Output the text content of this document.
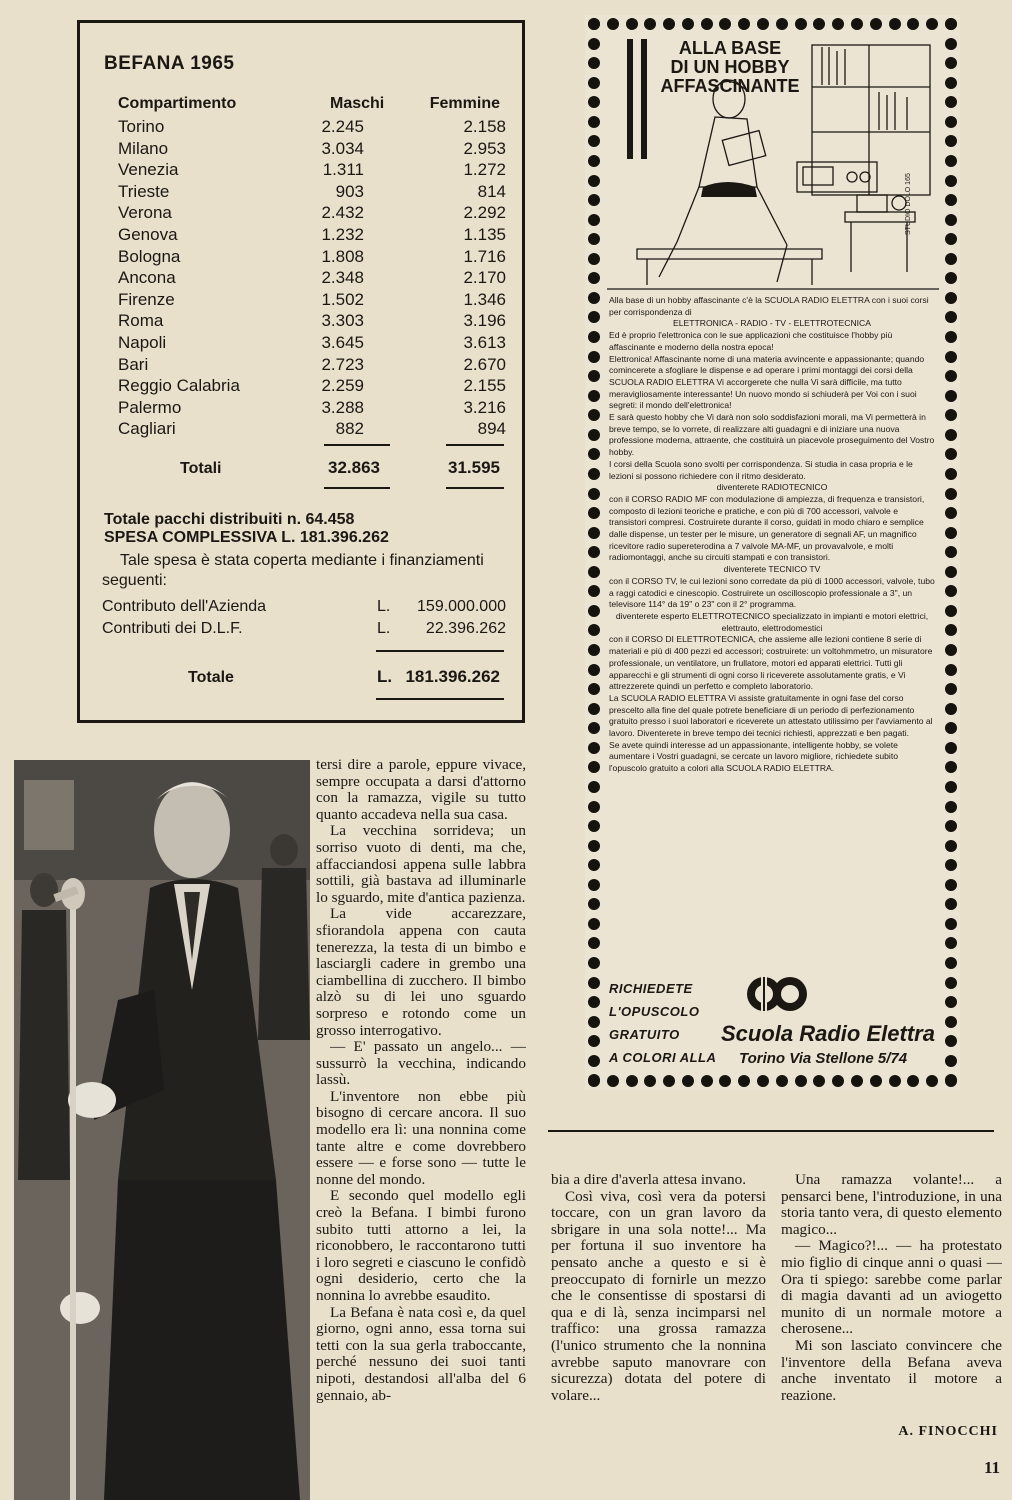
BEFANA 1965
Compartimento	Maschi	Femmine
Torino	2.245	2.158
Milano	3.034	2.953
Venezia	1.311	1.272
Trieste	903	814
Verona	2.432	2.292
Genova	1.232	1.135
Bologna	1.808	1.716
Ancona	2.348	2.170
Firenze	1.502	1.346
Roma	3.303	3.196
Napoli	3.645	3.613
Bari	2.723	2.670
Reggio Calabria	2.259	2.155
Palermo	3.288	3.216
Cagliari	882	894
Totali	32.863	31.595
Totale pacchi distribuiti n. 64.458
SPESA COMPLESSIVA L. 181.396.262
Tale spesa è stata coperta mediante i finanziamenti seguenti:
Contributo dell'Azienda	L. 159.000.000
Contributi dei D.L.F.	L. 22.396.262
Totale	L. 181.396.262
ALLA BASE
DI UN HOBBY
AFFASCINANTE
STUDIO DOLO 165

Alla base di un hobby affascinante c'è la SCUOLA RADIO ELETTRA con i suoi corsi per corrispondenza di

ELETTRONICA - RADIO - TV - ELETTROTECNICA

Ed è proprio l'elettronica con le sue applicazioni che costituisce l'hobby più affascinante e moderno della nostra epoca!

Elettronica! Affascinante nome di una materia avvincente e appassionante; quando comincerete a sfogliare le dispense e ad operare i primi montaggi dei corsi della SCUOLA RADIO ELETTRA Vi accorgerete che nulla Vi sarà difficile, ma tutto meravigliosamente interessante! Un nuovo mondo si schiuderà per Voi con i suoi segreti: il mondo dell'elettronica!

E sarà questo hobby che Vi darà non solo soddisfazioni morali, ma Vi permetterà in breve tempo, se lo vorrete, di realizzare alti guadagni e di iniziare una nuova professione moderna, attraente, che costituirà un piacevole proseguimento del Vostro hobby.

I corsi della Scuola sono svolti per corrispondenza. Si studia in casa propria e le lezioni si possono richiedere con il ritmo desiderato.

diventerete RADIOTECNICO

con il CORSO RADIO MF con modulazione di ampiezza, di frequenza e transistori, composto di lezioni teoriche e pratiche, e con più di 700 accessori, valvole e transistori compresi. Costruirete durante il corso, guidati in modo chiaro e semplice dalle dispense, un tester per le misure, un generatore di segnali AF, un magnifico ricevitore radio supereterodina a 7 valvole MA-MF, un provavalvole, e molti radiomontaggi, anche su circuiti stampati e con transistori.

diventerete TECNICO TV

con il CORSO TV, le cui lezioni sono corredate da più di 1000 accessori, valvole, tubo a raggi catodici e cinescopio. Costruirete un oscilloscopio professionale a 3", un televisore 114° da 19" o 23" con il 2° programma.

diventerete esperto ELETTROTECNICO specializzato in impianti e motori elettrici, elettrauto, elettrodomestici

con il CORSO DI ELETTROTECNICA, che assieme alle lezioni contiene 8 serie di materiali e più di 400 pezzi ed accessori; costruirete: un voltohmmetro, un misuratore professionale, un ventilatore, un frullatore, motori ed apparati elettrici. Tutti gli apparecchi e gli strumenti di ogni corso li riceverete assolutamente gratis, e Vi attrezzerete quindi un perfetto e completo laboratorio.

La SCUOLA RADIO ELETTRA Vi assiste gratuitamente in ogni fase del corso prescelto alla fine del quale potrete beneficiare di un periodo di perfezionamento gratuito presso i suoi laboratori e riceverete un attestato utilissimo per l'avviamento al lavoro. Diventerete in breve tempo dei tecnici richiesti, apprezzati e ben pagati.

Se avete quindi interesse ad un appassionante, intelligente hobby, se volete aumentare i Vostri guadagni, se cercate un lavoro migliore, richiedete subito l'opuscolo gratuito a colori alla SCUOLA RADIO ELETTRA.

RICHIEDETE
L'OPUSCOLO
GRATUITO
A COLORI ALLA
Scuola Radio Elettra
Torino Via Stellone 5/74

tersi dire a parole, eppure vivace, sempre occupata a darsi d'attorno con la ramazza, vigile su tutto quanto accadeva nella sua casa.

La vecchina sorrideva; un sorriso vuoto di denti, ma che, affacciandosi appena sulle labbra sottili, già bastava ad illuminarle lo sguardo, mite d'antica pazienza.

La vide accarezzare, sfiorandola appena con cauta tenerezza, la testa di un bimbo e lasciargli cadere in grembo una ciambellina di zucchero. Il bimbo alzò su di lei uno sguardo sorpreso e rotondo come un grosso interrogativo.

— E' passato un angelo... — sussurrò la vecchina, indicando lassù.

L'inventore non ebbe più bisogno di cercare ancora. Il suo modello era lì: una nonnina come tante altre e come dovrebbero essere — e forse sono — tutte le nonne del mondo.

E secondo quel modello egli creò la Befana. I bimbi furono subito tutti attorno a lei, la riconobbero, le raccontarono tutti i loro segreti e ciascuno le confidò ogni desiderio, certo che la nonnina lo avrebbe esaudito.

La Befana è nata così e, da quel giorno, ogni anno, essa torna sui tetti con la sua gerla traboccante, perché nessuno dei suoi tanti nipoti, destandosi all'alba del 6 gennaio, ab-

bia a dire d'averla attesa invano.

Così viva, così vera da potersi toccare, con un gran lavoro da sbrigare in una sola notte!... Ma per fortuna il suo inventore ha pensato anche a questo e si è preoccupato di fornirle un mezzo che le consentisse di spostarsi di qua e di là, senza incimparsi nel traffico: una grossa ramazza (l'unico strumento che la nonnina avrebbe saputo manovrare con sicurezza) dotata del potere di volare...

Una ramazza volante!... a pensarci bene, l'introduzione, in una storia tanto vera, di questo elemento magico...

— Magico?!... — ha protestato mio figlio di cinque anni o quasi — Ora ti spiego: sarebbe come parlar di magia davanti ad un aviogetto munito di un normale motore a cherosene...

Mi son lasciato convincere che l'inventore della Befana aveva anche inventato il motore a reazione.

A. FINOCCHI
11
